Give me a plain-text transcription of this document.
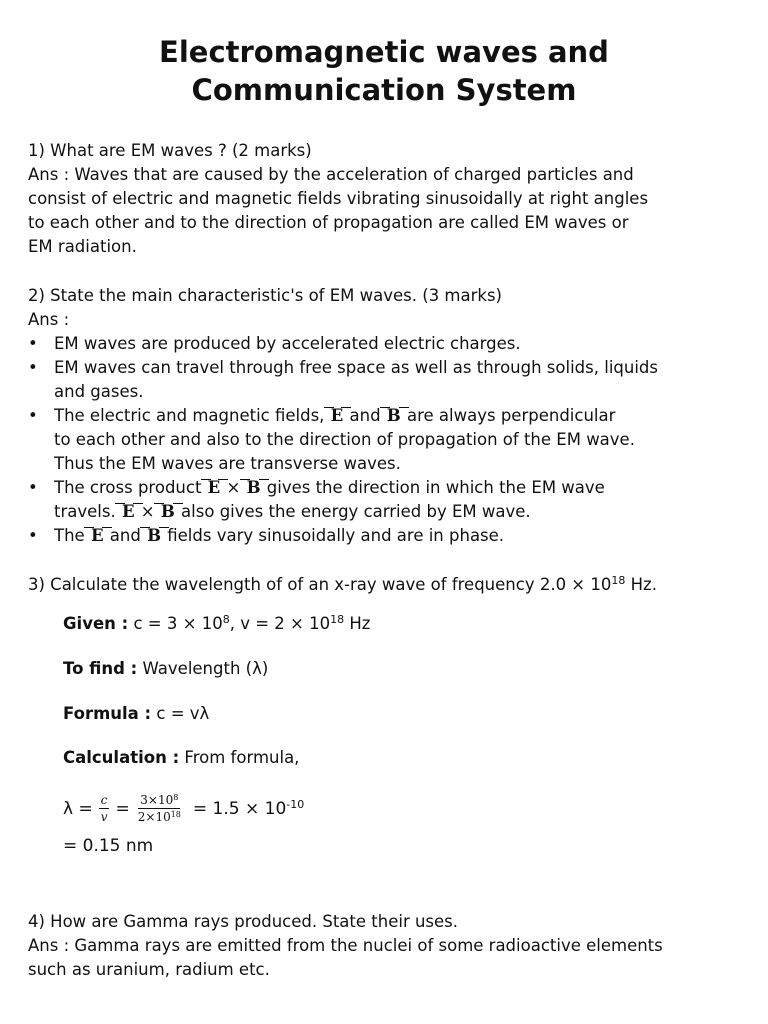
Electromagnetic waves and
Communication System
1) What are EM waves ? (2 marks)
Ans : Waves that are caused by the acceleration of charged particles and
consist of electric and magnetic fields vibrating sinusoidally at right angles
to each other and to the direction of propagation are called EM waves or
EM radiation.
2) State the main characteristic's of EM waves. (3 marks)
Ans :
• EM waves are produced by accelerated electric charges.
• EM waves can travel through free space as well as through solids, liquids
and gases.
• The electric and magnetic fields, E and B are always perpendicular
to each other and also to the direction of propagation of the EM wave.
Thus the EM waves are transverse waves.
• The cross product E × B gives the direction in which the EM wave
travels. E × B also gives the energy carried by EM wave.
• The E and B fields vary sinusoidally and are in phase.
3) Calculate the wavelength of of an x-ray wave of frequency $2.0 \times 10^{18}$ Hz.
Given : $c = 3 \times 10^8$, $v = 2 \times 10^{18}$ Hz
To find : Wavelength (λ)
Formula : c = vλ
Calculation : From formula,
$\lambda = \frac{c}{v} = \frac{3\times 10^8}{2\times 10^{18}} = 1.5 \times 10^{-10}$
= 0.15 nm
4) How are Gamma rays produced. State their uses.
Ans : Gamma rays are emitted from the nuclei of some radioactive elements
such as uranium, radium etc.
